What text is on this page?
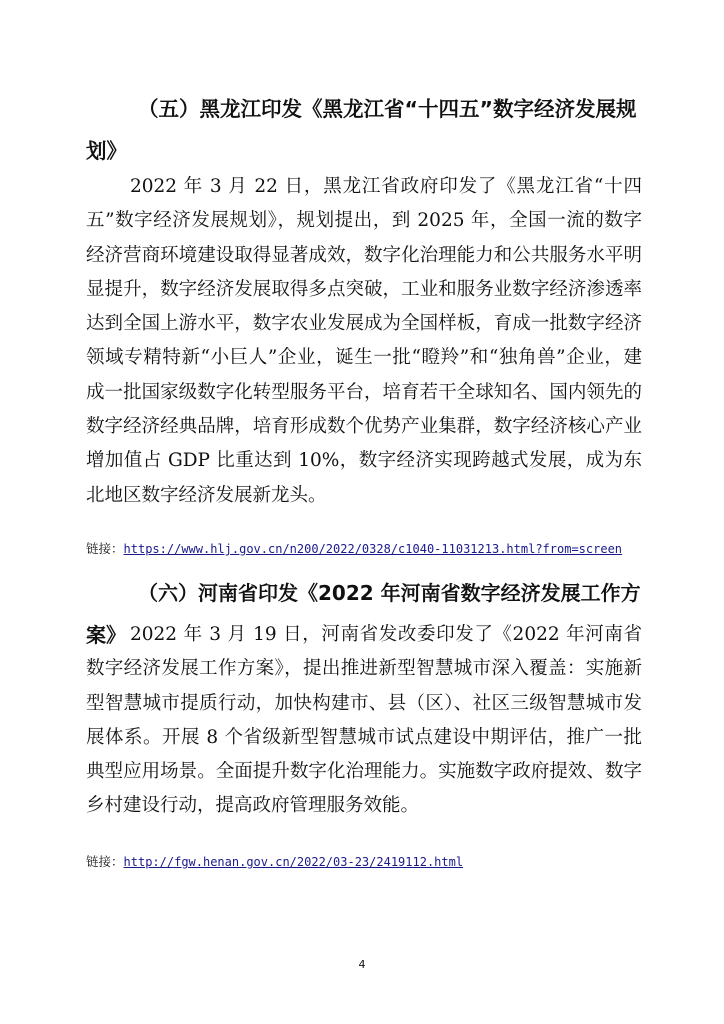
（五）黑龙江印发《黑龙江省“十四五”数字经济发展规划》

2022 年 3 月 22 日，黑龙江省政府印发了《黑龙江省“十四五”数字经济发展规划》，规划提出，到 2025 年，全国一流的数字经济营商环境建设取得显著成效，数字化治理能力和公共服务水平明显提升，数字经济发展取得多点突破，工业和服务业数字经济渗透率达到全国上游水平，数字农业发展成为全国样板，育成一批数字经济领域专精特新“小巨人”企业，诞生一批“瞪羚”和“独角兽”企业，建成一批国家级数字化转型服务平台，培育若干全球知名、国内领先的数字经济经典品牌，培育形成数个优势产业集群，数字经济核心产业增加值占 GDP 比重达到 10%，数字经济实现跨越式发展，成为东北地区数字经济发展新龙头。

链接：https://www.hlj.gov.cn/n200/2022/0328/c1040-11031213.html?from=screen

（六）河南省印发《2022 年河南省数字经济发展工作方案》 2022 年 3 月 19 日，河南省发改委印发了《2022 年河南省数字经济发展工作方案》，提出推进新型智慧城市深入覆盖：实施新型智慧城市提质行动，加快构建市、县（区）、社区三级智慧城市发展体系。开展 8 个省级新型智慧城市试点建设中期评估，推广一批典型应用场景。全面提升数字化治理能力。实施数字政府提效、数字乡村建设行动，提高政府管理服务效能。

链接：http://fgw.henan.gov.cn/2022/03-23/2419112.html

4
